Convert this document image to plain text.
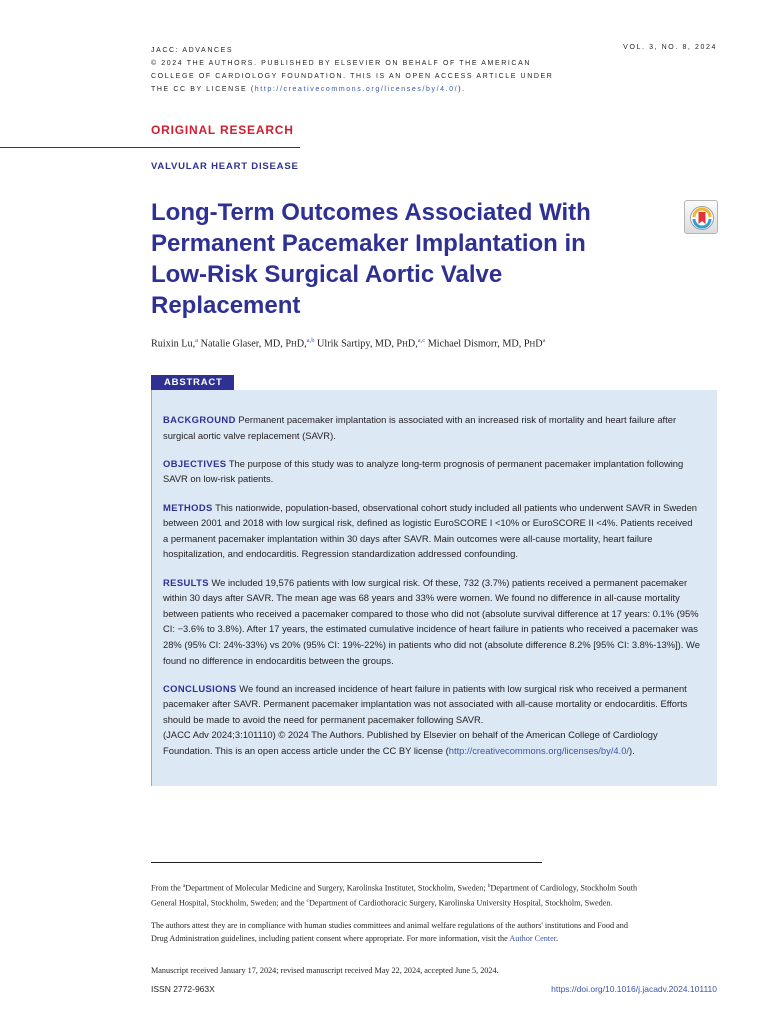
JACC: ADVANCES
© 2024 THE AUTHORS. PUBLISHED BY ELSEVIER ON BEHALF OF THE AMERICAN
COLLEGE OF CARDIOLOGY FOUNDATION. THIS IS AN OPEN ACCESS ARTICLE UNDER
THE CC BY LICENSE (http://creativecommons.org/licenses/by/4.0/).
VOL. 3, NO. 8, 2024
ORIGINAL RESEARCH
VALVULAR HEART DISEASE
Long-Term Outcomes Associated With Permanent Pacemaker Implantation in Low-Risk Surgical Aortic Valve Replacement
Ruixin Lu,$^a$ Natalie Glaser, MD, PHD,$^{a,b}$ Ulrik Sartipy, MD, PHD,$^{a,c}$ Michael Dismorr, MD, PHD$^a$
ABSTRACT

BACKGROUND Permanent pacemaker implantation is associated with an increased risk of mortality and heart failure after surgical aortic valve replacement (SAVR).

OBJECTIVES The purpose of this study was to analyze long-term prognosis of permanent pacemaker implantation following SAVR on low-risk patients.

METHODS This nationwide, population-based, observational cohort study included all patients who underwent SAVR in Sweden between 2001 and 2018 with low surgical risk, defined as logistic EuroSCORE I <10% or EuroSCORE II <4%. Patients received a permanent pacemaker implantation within 30 days after SAVR. Main outcomes were all-cause mortality, heart failure hospitalization, and endocarditis. Regression standardization addressed confounding.

RESULTS We included 19,576 patients with low surgical risk. Of these, 732 (3.7%) patients received a permanent pacemaker within 30 days after SAVR. The mean age was 68 years and 33% were women. We found no difference in all-cause mortality between patients who received a pacemaker compared to those who did not (absolute survival difference at 17 years: 0.1% (95% CI: −3.6% to 3.8%). After 17 years, the estimated cumulative incidence of heart failure in patients who received a pacemaker was 28% (95% CI: 24%-33%) vs 20% (95% CI: 19%-22%) in patients who did not (absolute difference 8.2% [95% CI: 3.8%-13%]). We found no difference in endocarditis between the groups.

CONCLUSIONS We found an increased incidence of heart failure in patients with low surgical risk who received a permanent pacemaker after SAVR. Permanent pacemaker implantation was not associated with all-cause mortality or endocarditis. Efforts should be made to avoid the need for permanent pacemaker following SAVR.
(JACC Adv 2024;3:101110) © 2024 The Authors. Published by Elsevier on behalf of the American College of Cardiology Foundation. This is an open access article under the CC BY license (http://creativecommons.org/licenses/by/4.0/).

From the $^a$Department of Molecular Medicine and Surgery, Karolinska Institutet, Stockholm, Sweden; $^b$Department of Cardiology, Stockholm South General Hospital, Stockholm, Sweden; and the $^c$Department of Cardiothoracic Surgery, Karolinska University Hospital, Stockholm, Sweden.
The authors attest they are in compliance with human studies committees and animal welfare regulations of the authors' institutions and Food and Drug Administration guidelines, including patient consent where appropriate. For more information, visit the Author Center.
Manuscript received January 17, 2024; revised manuscript received May 22, 2024, accepted June 5, 2024.
ISSN 2772-963X	https://doi.org/10.1016/j.jacadv.2024.101110
